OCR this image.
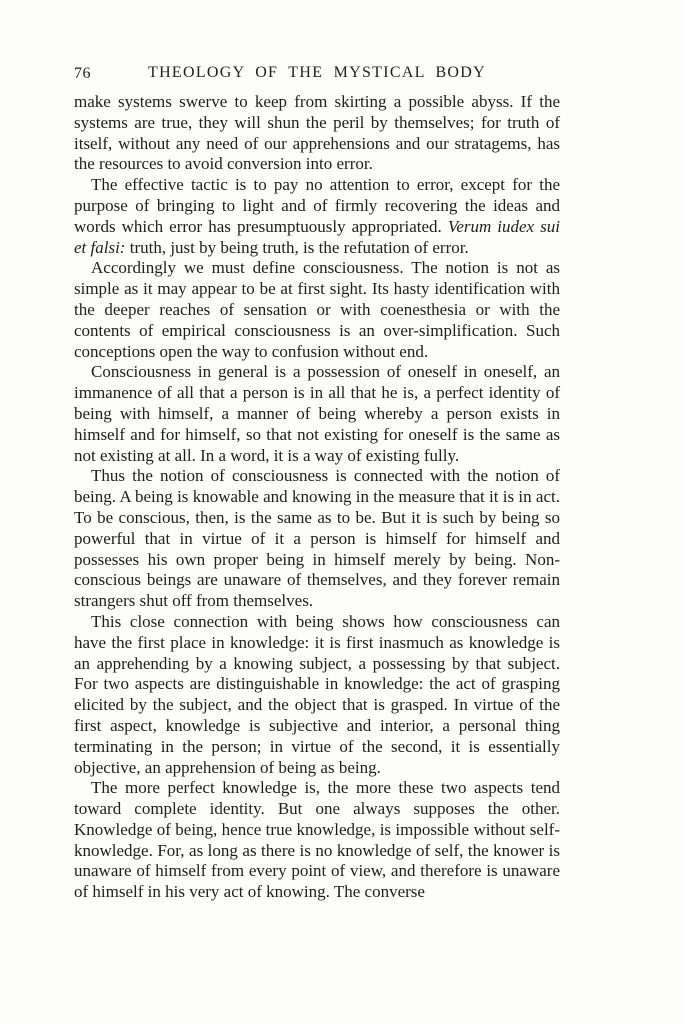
76	THEOLOGY OF THE MYSTICAL BODY

make systems swerve to keep from skirting a possible abyss. If the systems are true, they will shun the peril by themselves; for truth of itself, without any need of our apprehensions and our stratagems, has the resources to avoid conversion into error.

The effective tactic is to pay no attention to error, except for the purpose of bringing to light and of firmly recovering the ideas and words which error has presumptuously appropriated. Verum iudex sui et falsi: truth, just by being truth, is the refutation of error.

Accordingly we must define consciousness. The notion is not as simple as it may appear to be at first sight. Its hasty identification with the deeper reaches of sensation or with coenesthesia or with the contents of empirical consciousness is an over-simplification. Such conceptions open the way to confusion without end.

Consciousness in general is a possession of oneself in oneself, an immanence of all that a person is in all that he is, a perfect identity of being with himself, a manner of being whereby a person exists in himself and for himself, so that not existing for oneself is the same as not existing at all. In a word, it is a way of existing fully.

Thus the notion of consciousness is connected with the notion of being. A being is knowable and knowing in the measure that it is in act. To be conscious, then, is the same as to be. But it is such by being so powerful that in virtue of it a person is himself for himself and possesses his own proper being in himself merely by being. Non-conscious beings are unaware of themselves, and they forever remain strangers shut off from themselves.

This close connection with being shows how consciousness can have the first place in knowledge: it is first inasmuch as knowledge is an apprehending by a knowing subject, a possessing by that subject. For two aspects are distinguishable in knowledge: the act of grasping elicited by the subject, and the object that is grasped. In virtue of the first aspect, knowledge is subjective and interior, a personal thing terminating in the person; in virtue of the second, it is essentially objective, an apprehension of being as being.

The more perfect knowledge is, the more these two aspects tend toward complete identity. But one always supposes the other. Knowledge of being, hence true knowledge, is impossible without self-knowledge. For, as long as there is no knowledge of self, the knower is unaware of himself from every point of view, and therefore is unaware of himself in his very act of knowing. The converse
